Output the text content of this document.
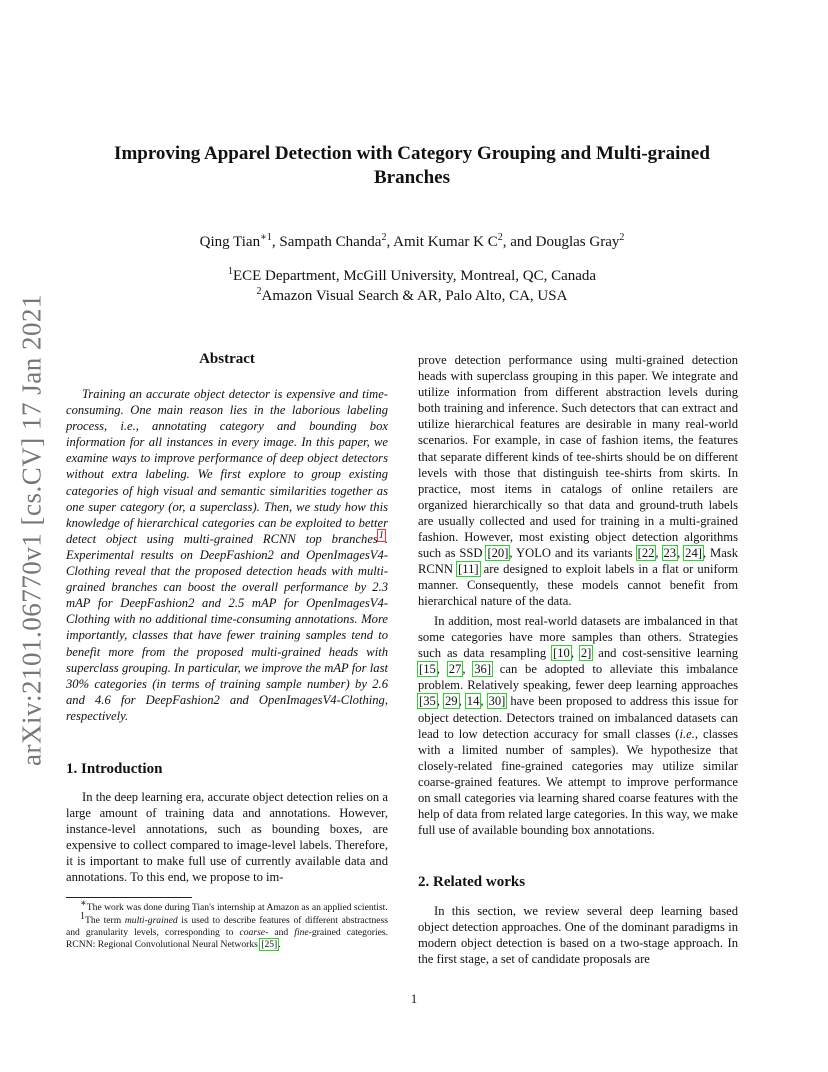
arXiv:2101.06770v1 [cs.CV] 17 Jan 2021
Improving Apparel Detection with Category Grouping and Multi-grained
Branches
Qing Tian$^{∗1}$, Sampath Chanda$^2$, Amit Kumar K $C^2$, and Douglas Gray$^2$
$^1$ECE Department, McGill University, Montreal, QC, Canada
$^2$Amazon Visual Search & AR, Palo Alto, CA, USA
Abstract
Training an accurate object detector is expensive and time-consuming. One main reason lies in the laborious labeling process, i.e., annotating category and bounding box information for all instances in every image. In this paper, we examine ways to improve performance of deep object detectors without extra labeling. We first explore to group existing categories of high visual and semantic similarities together as one super category (or, a superclass). Then, we study how this knowledge of hierarchical categories can be exploited to better detect object using multi-grained RCNN top branches$^1$. Experimental results on DeepFashion2 and OpenImagesV4-Clothing reveal that the proposed detection heads with multi-grained branches can boost the overall performance by 2.3 mAP for DeepFashion2 and 2.5 mAP for OpenImagesV4-Clothing with no additional time-consuming annotations. More importantly, classes that have fewer training samples tend to benefit more from the proposed multi-grained heads with superclass grouping. In particular, we improve the mAP for last 30% categories (in terms of training sample number) by 2.6 and 4.6 for DeepFashion2 and OpenImagesV4-Clothing, respectively.
1. Introduction
In the deep learning era, accurate object detection relies on a large amount of training data and annotations. However, instance-level annotations, such as bounding boxes, are expensive to collect compared to image-level labels. Therefore, it is important to make full use of currently available data and annotations. To this end, we propose to im-

∗The work was done during Tian's internship at Amazon as an applied scientist.

$^1$The term multi-grained is used to describe features of different abstractness and granularity levels, corresponding to coarse- and fine-grained categories. RCNN: Regional Convolutional Neural Networks [25].

prove detection performance using multi-grained detection heads with superclass grouping in this paper. We integrate and utilize information from different abstraction levels during both training and inference. Such detectors that can extract and utilize hierarchical features are desirable in many real-world scenarios. For example, in case of fashion items, the features that separate different kinds of tee-shirts should be on different levels with those that distinguish tee-shirts from skirts. In practice, most items in catalogs of online retailers are organized hierarchically so that data and ground-truth labels are usually collected and used for training in a multi-grained fashion. However, most existing object detection algorithms such as SSD [20], YOLO and its variants [22, 23, 24], Mask RCNN [11] are designed to exploit labels in a flat or uniform manner. Consequently, these models cannot benefit from hierarchical nature of the data.
In addition, most real-world datasets are imbalanced in that some categories have more samples than others. Strategies such as data resampling [10, 2] and cost-sensitive learning [15, 27, 36] can be adopted to alleviate this imbalance problem. Relatively speaking, fewer deep learning approaches [35, 29, 14, 30] have been proposed to address this issue for object detection. Detectors trained on imbalanced datasets can lead to low detection accuracy for small classes (i.e., classes with a limited number of samples). We hypothesize that closely-related fine-grained categories may utilize similar coarse-grained features. We attempt to improve performance on small categories via learning shared coarse features with the help of data from related large categories. In this way, we make full use of available bounding box annotations.
2. Related works
In this section, we review several deep learning based object detection approaches. One of the dominant paradigms in modern object detection is based on a two-stage approach. In the first stage, a set of candidate proposals are
1
